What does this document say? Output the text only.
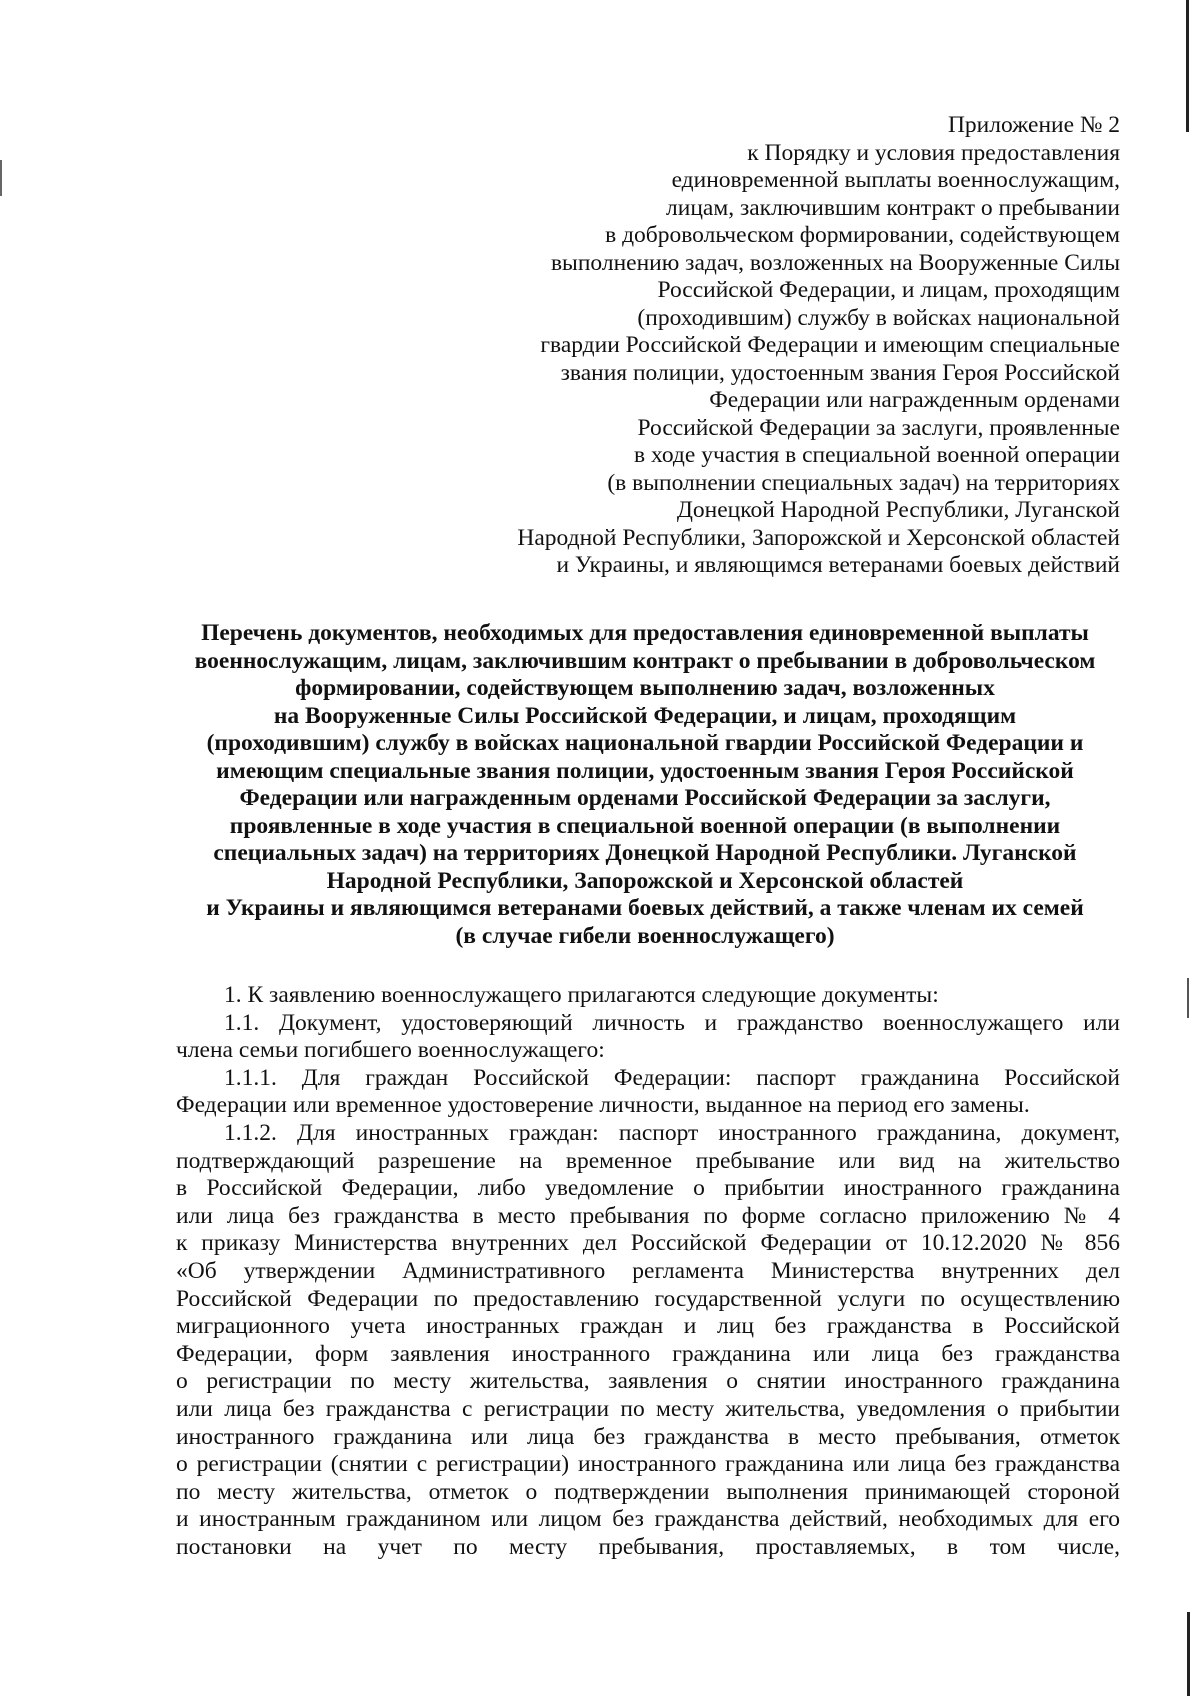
Приложение № 2
к Порядку и условия предоставления
единовременной выплаты военнослужащим,
лицам, заключившим контракт о пребывании
в добровольческом формировании, содействующем
выполнению задач, возложенных на Вооруженные Силы
Российской Федерации, и лицам, проходящим
(проходившим) службу в войсках национальной
гвардии Российской Федерации и имеющим специальные
звания полиции, удостоенным звания Героя Российской
Федерации или награжденным орденами
Российской Федерации за заслуги, проявленные
в ходе участия в специальной военной операции
(в выполнении специальных задач) на территориях
Донецкой Народной Республики, Луганской
Народной Республики, Запорожской и Херсонской областей
и Украины, и являющимся ветеранами боевых действий
Перечень документов, необходимых для предоставления единовременной выплаты
военнослужащим, лицам, заключившим контракт о пребывании в добровольческом
формировании, содействующем выполнению задач, возложенных
на Вооруженные Силы Российской Федерации, и лицам, проходящим
(проходившим) службу в войсках национальной гвардии Российской Федерации и
имеющим специальные звания полиции, удостоенным звания Героя Российской
Федерации или награжденным орденами Российской Федерации за заслуги,
проявленные в ходе участия в специальной военной операции (в выполнении
специальных задач) на территориях Донецкой Народной Республики. Луганской
Народной Республики, Запорожской и Херсонской областей
и Украины и являющимся ветеранами боевых действий, а также членам их семей
(в случае гибели военнослужащего)
1. К заявлению военнослужащего прилагаются следующие документы:
1.1. Документ, удостоверяющий личность и гражданство военнослужащего или
члена семьи погибшего военнослужащего:
1.1.1. Для граждан Российской Федерации: паспорт гражданина Российской
Федерации или временное удостоверение личности, выданное на период его замены.
1.1.2. Для иностранных граждан: паспорт иностранного гражданина, документ,
подтверждающий разрешение на временное пребывание или вид на жительство
в Российской Федерации, либо уведомление о прибытии иностранного гражданина
или лица без гражданства в место пребывания по форме согласно приложению № 4
к приказу Министерства внутренних дел Российской Федерации от 10.12.2020 № 856
«Об утверждении Административного регламента Министерства внутренних дел
Российской Федерации по предоставлению государственной услуги по осуществлению
миграционного учета иностранных граждан и лиц без гражданства в Российской
Федерации, форм заявления иностранного гражданина или лица без гражданства
о регистрации по месту жительства, заявления о снятии иностранного гражданина
или лица без гражданства с регистрации по месту жительства, уведомления о прибытии
иностранного гражданина или лица без гражданства в место пребывания, отметок
о регистрации (снятии с регистрации) иностранного гражданина или лица без гражданства
по месту жительства, отметок о подтверждении выполнения принимающей стороной
и иностранным гражданином или лицом без гражданства действий, необходимых для его
постановки на учет по месту пребывания, проставляемых, в том числе,
